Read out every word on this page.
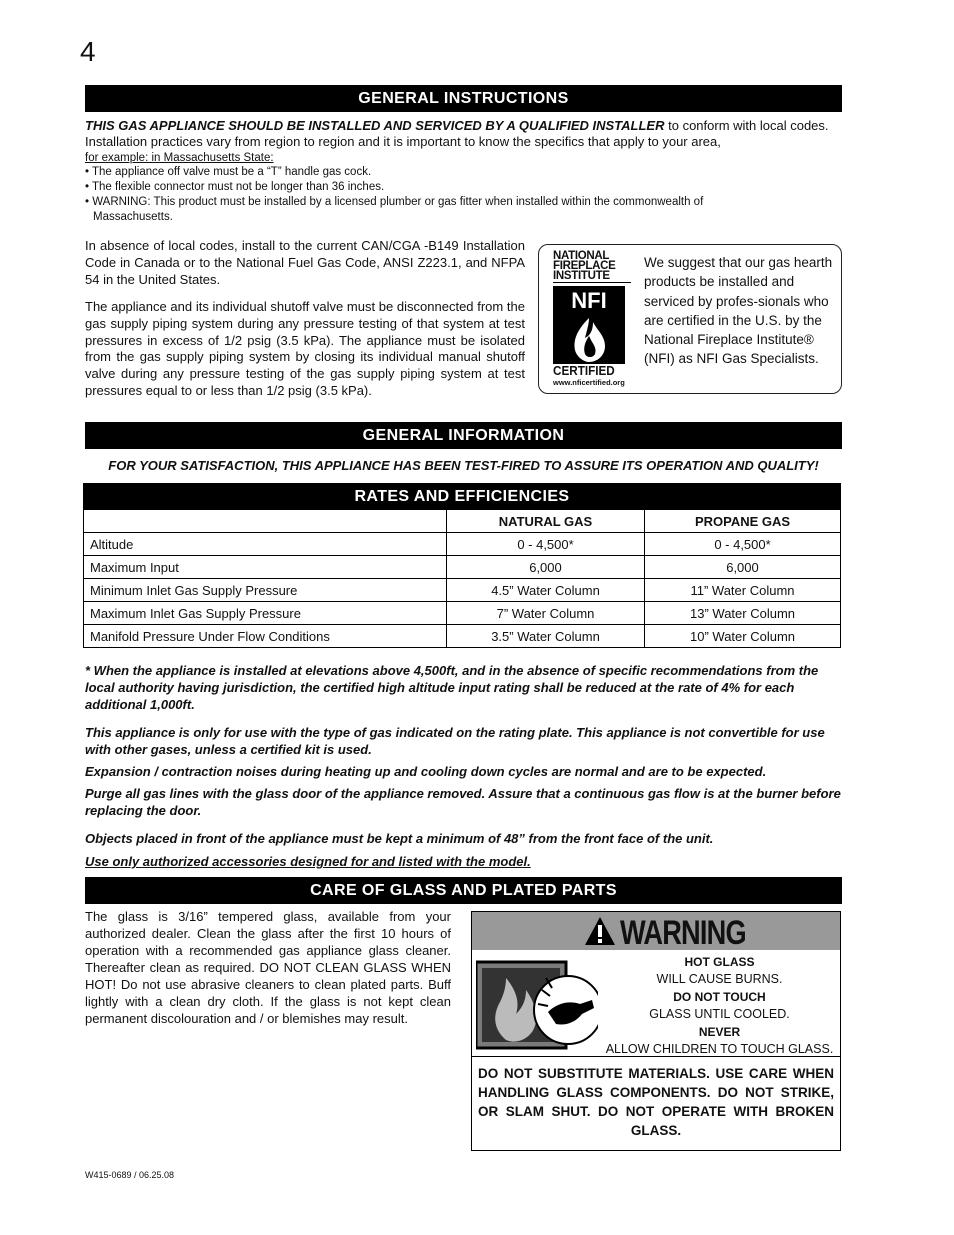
4
GENERAL INSTRUCTIONS
THIS GAS APPLIANCE SHOULD BE INSTALLED AND SERVICED BY A QUALIFIED INSTALLER to conform with local codes. Installation practices vary from region to region and it is important to know the specifics that apply to your area,
for example: in Massachusetts State:
• The appliance off valve must be a “T” handle gas cock.
• The flexible connector must not be longer than 36 inches.
• WARNING: This product must be installed by a licensed plumber or gas fitter when installed within the commonwealth of
Massachusetts.
In absence of local codes, install to the current CAN/CGA -B149 Installation Code in Canada or to the National Fuel Gas Code, ANSI Z223.1, and NFPA 54 in the United States.
The appliance and its individual shutoff valve must be disconnected from the gas supply piping system during any pressure testing of that system at test pressures in excess of 1/2 psig (3.5 kPa). The appliance must be isolated from the gas supply piping system by closing its individual manual shutoff valve during any pressure testing of the gas supply piping system at test pressures equal to or less than 1/2 psig (3.5 kPa).
NATIONAL
FIREPLACE
INSTITUTE
NFI
CERTIFIED
www.nficertified.org
We suggest that our gas hearth products be installed and serviced by profes-sionals who are certified in the U.S. by the National Fireplace Institute® (NFI) as NFI Gas Specialists.
GENERAL INFORMATION
FOR YOUR SATISFACTION, THIS APPLIANCE HAS BEEN TEST-FIRED TO ASSURE ITS OPERATION AND QUALITY!
RATES AND EFFICIENCIES		
	NATURAL GAS	PROPANE GAS
Altitude	0 - 4,500*	0 - 4,500*
Maximum Input	6,000	6,000
Minimum Inlet Gas Supply Pressure	4.5” Water Column	11” Water Column
Maximum Inlet Gas Supply Pressure	7” Water Column	13” Water Column
Manifold Pressure Under Flow Conditions	3.5” Water Column	10” Water Column
* When the appliance is installed at elevations above 4,500ft, and in the absence of specific recommendations from the local authority having jurisdiction, the certified high altitude input rating shall be reduced at the rate of 4% for each additional 1,000ft.
This appliance is only for use with the type of gas indicated on the rating plate. This appliance is not convertible for use with other gases, unless a certified kit is used.
Expansion / contraction noises during heating up and cooling down cycles are normal and are to be expected.
Purge all gas lines with the glass door of the appliance removed. Assure that a continuous gas flow is at the burner before replacing the door.
Objects placed in front of the appliance must be kept a minimum of 48” from the front face of the unit.
Use only authorized accessories designed for and listed with the model.
CARE OF GLASS AND PLATED PARTS
The glass is 3/16” tempered glass, available from your authorized dealer. Clean the glass after the first 10 hours of operation with a recommended gas appliance glass cleaner. Thereafter clean as required. DO NOT CLEAN GLASS WHEN HOT! Do not use abrasive cleaners to clean plated parts. Buff lightly with a clean dry cloth. If the glass is not kept clean permanent discolouration and / or blemishes may result.
WARNING
HOT GLASS
WILL CAUSE BURNS.
DO NOT TOUCH
GLASS UNTIL COOLED.
NEVER
ALLOW CHILDREN TO TOUCH GLASS.
DO NOT SUBSTITUTE MATERIALS. USE CARE WHEN HANDLING GLASS COMPONENTS. DO NOT STRIKE, OR SLAM SHUT. DO NOT OPERATE WITH BROKEN GLASS.
W415-0689 / 06.25.08
